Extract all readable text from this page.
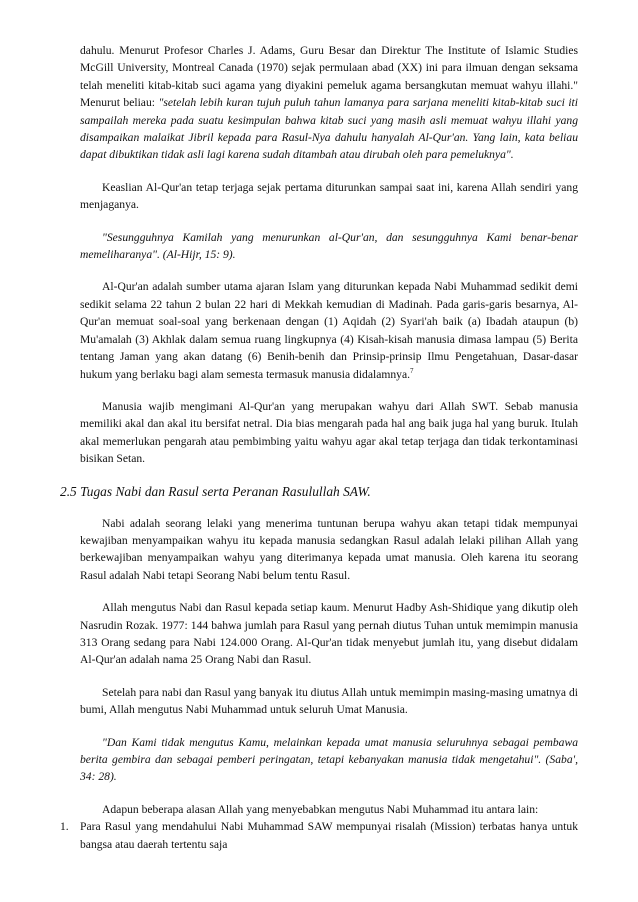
dahulu. Menurut Profesor Charles J. Adams, Guru Besar dan Direktur The Institute of Islamic Studies McGill University, Montreal Canada (1970) sejak permulaan abad (XX) ini para ilmuan dengan seksama telah meneliti kitab-kitab suci agama yang diyakini pemeluk agama bersangkutan memuat wahyu illahi." Menurut beliau: "setelah lebih kuran tujuh puluh tahun lamanya para sarjana meneliti kitab-kitab suci iti sampailah mereka pada suatu kesimpulan bahwa kitab suci yang masih asli memuat wahyu illahi yang disampaikan malaikat Jibril kepada para Rasul-Nya dahulu hanyalah Al-Qur'an. Yang lain, kata beliau dapat dibuktikan tidak asli lagi karena sudah ditambah atau dirubah oleh para pemeluknya".

Keaslian Al-Qur'an tetap terjaga sejak pertama diturunkan sampai saat ini, karena Allah sendiri yang menjaganya.

"Sesungguhnya Kamilah yang menurunkan al-Qur'an, dan sesungguhnya Kami benar-benar memeliharanya". (Al-Hijr, 15: 9).

Al-Qur'an adalah sumber utama ajaran Islam yang diturunkan kepada Nabi Muhammad sedikit demi sedikit selama 22 tahun 2 bulan 22 hari di Mekkah kemudian di Madinah. Pada garis-garis besarnya, Al-Qur'an memuat soal-soal yang berkenaan dengan (1) Aqidah (2) Syari'ah baik (a) Ibadah ataupun (b) Mu'amalah (3) Akhlak dalam semua ruang lingkupnya (4) Kisah-kisah manusia dimasa lampau (5) Berita tentang Jaman yang akan datang (6) Benih-benih dan Prinsip-prinsip Ilmu Pengetahuan, Dasar-dasar hukum yang berlaku bagi alam semesta termasuk manusia didalamnya.$^7$

Manusia wajib mengimani Al-Qur'an yang merupakan wahyu dari Allah SWT. Sebab manusia memiliki akal dan akal itu bersifat netral. Dia bias mengarah pada hal ang baik juga hal yang buruk. Itulah akal memerlukan pengarah atau pembimbing yaitu wahyu agar akal tetap terjaga dan tidak terkontaminasi bisikan Setan.

2.5 Tugas Nabi dan Rasul serta Peranan Rasulullah SAW.

Nabi adalah seorang lelaki yang menerima tuntunan berupa wahyu akan tetapi tidak mempunyai kewajiban menyampaikan wahyu itu kepada manusia sedangkan Rasul adalah lelaki pilihan Allah yang berkewajiban menyampaikan wahyu yang diterimanya kepada umat manusia. Oleh karena itu seorang Rasul adalah Nabi tetapi Seorang Nabi belum tentu Rasul.

Allah mengutus Nabi dan Rasul kepada setiap kaum. Menurut Hadby Ash-Shidique yang dikutip oleh Nasrudin Rozak. 1977: 144 bahwa jumlah para Rasul yang pernah diutus Tuhan untuk memimpin manusia 313 Orang sedang para Nabi 124.000 Orang. Al-Qur'an tidak menyebut jumlah itu, yang disebut didalam Al-Qur'an adalah nama 25 Orang Nabi dan Rasul.

Setelah para nabi dan Rasul yang banyak itu diutus Allah untuk memimpin masing-masing umatnya di bumi, Allah mengutus Nabi Muhammad untuk seluruh Umat Manusia.

"Dan Kami tidak mengutus Kamu, melainkan kepada umat manusia seluruhnya sebagai pembawa berita gembira dan sebagai pemberi peringatan, tetapi kebanyakan manusia tidak mengetahui". (Saba', 34: 28).

Adapun beberapa alasan Allah yang menyebabkan mengutus Nabi Muhammad itu antara lain:

1. Para Rasul yang mendahului Nabi Muhammad SAW mempunyai risalah (Mission) terbatas hanya untuk bangsa atau daerah tertentu saja
